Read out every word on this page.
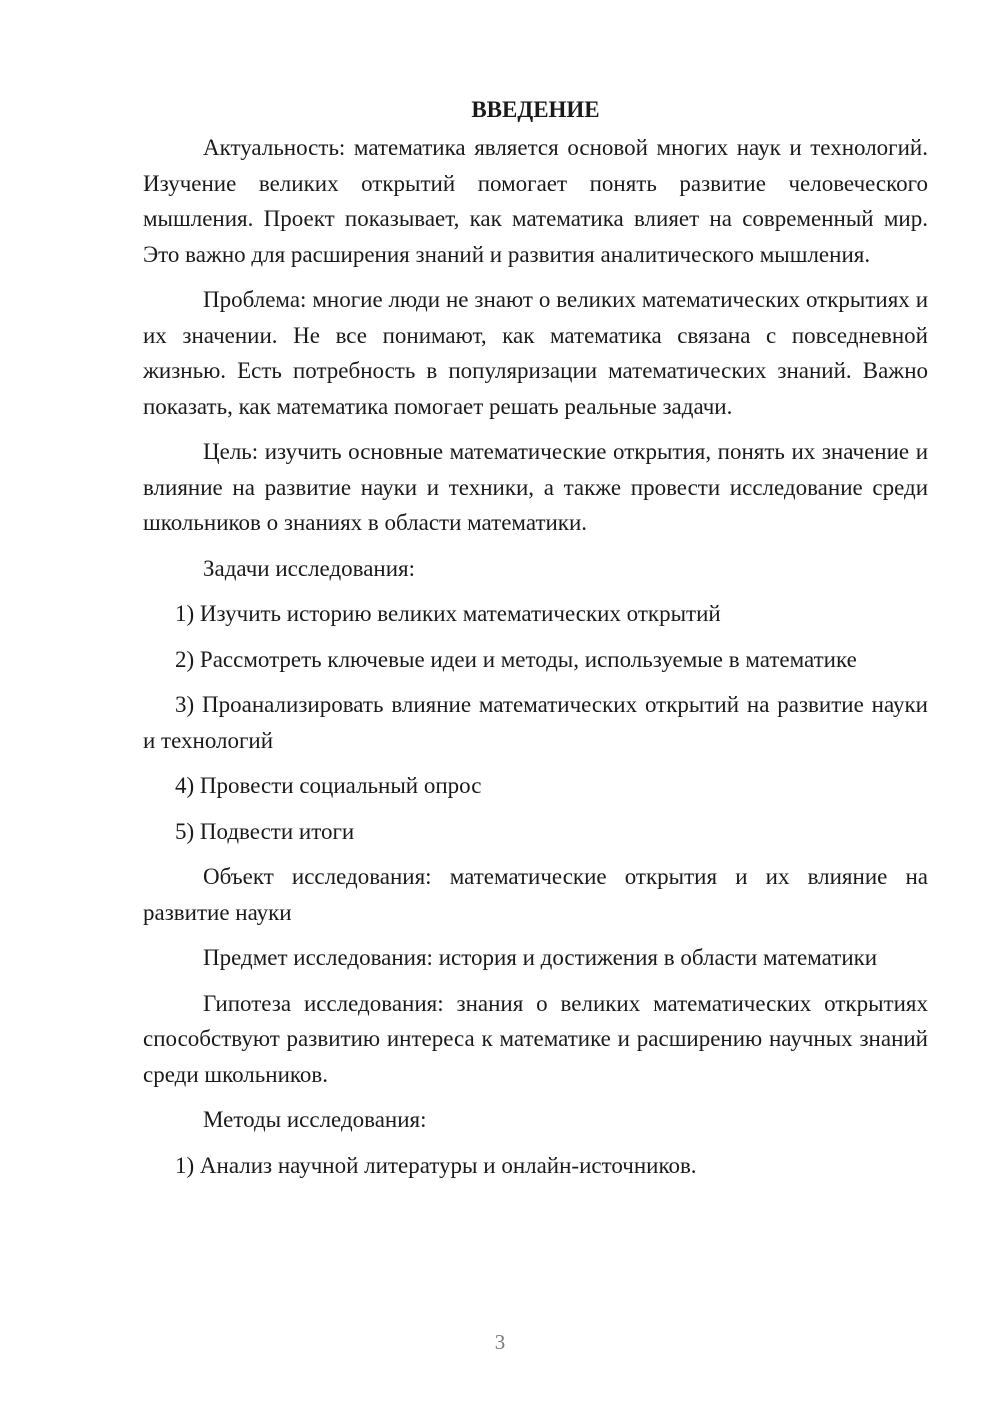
ВВЕДЕНИЕ

Актуальность: математика является основой многих наук и технологий. Изучение великих открытий помогает понять развитие человеческого мышления. Проект показывает, как математика влияет на современный мир. Это важно для расширения знаний и развития аналитического мышления.

Проблема: многие люди не знают о великих математических открытиях и их значении. Не все понимают, как математика связана с повседневной жизнью. Есть потребность в популяризации математических знаний. Важно показать, как математика помогает решать реальные задачи.

Цель: изучить основные математические открытия, понять их значение и влияние на развитие науки и техники, а также провести исследование среди школьников о знаниях в области математики.

Задачи исследования:

1) Изучить историю великих математических открытий

2) Рассмотреть ключевые идеи и методы, используемые в математике

3) Проанализировать влияние математических открытий на развитие науки и технологий

4) Провести социальный опрос

5) Подвести итоги

Объект исследования: математические открытия и их влияние на развитие науки

Предмет исследования: история и достижения в области математики

Гипотеза исследования: знания о великих математических открытиях способствуют развитию интереса к математике и расширению научных знаний среди школьников.

Методы исследования:

1) Анализ научной литературы и онлайн-источников.

3
